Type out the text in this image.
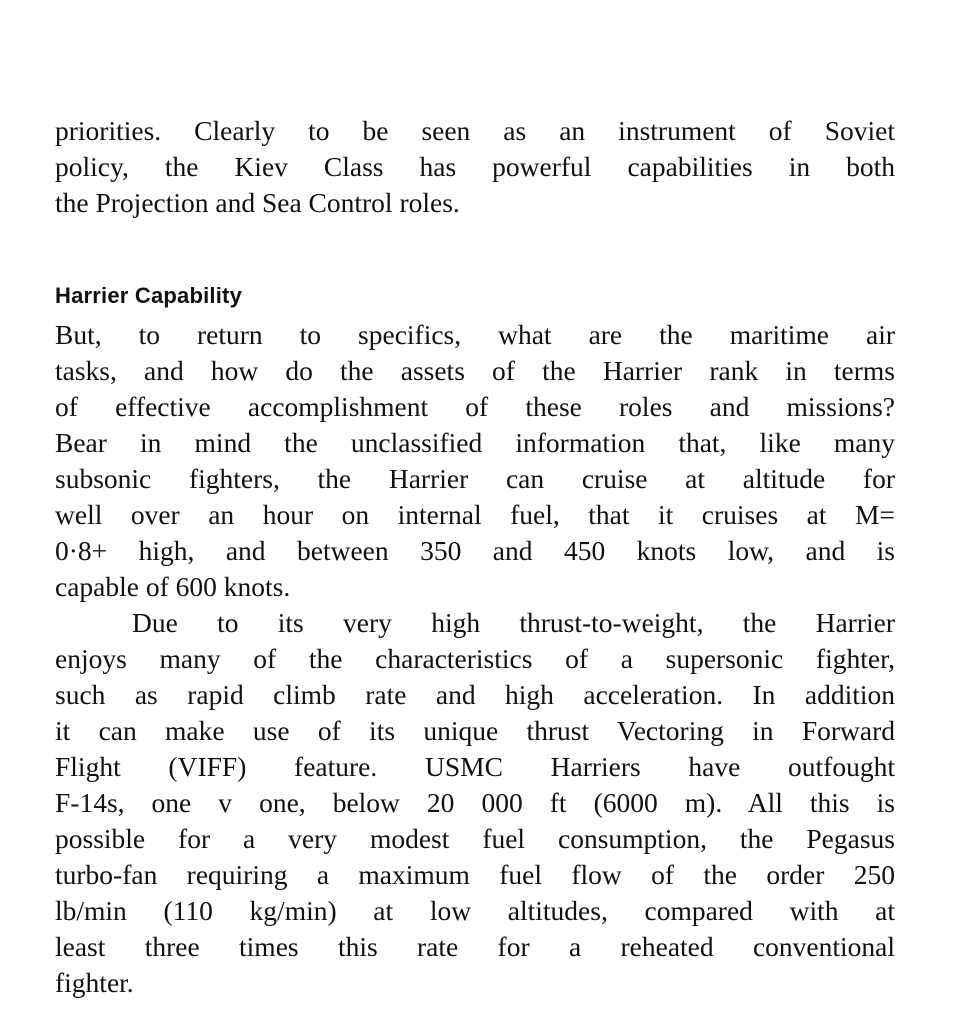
priorities. Clearly to be seen as an instrument of Soviet
policy, the Kiev Class has powerful capabilities in both
the Projection and Sea Control roles.

Harrier Capability

But, to return to specifics, what are the maritime air
tasks, and how do the assets of the Harrier rank in terms
of effective accomplishment of these roles and missions?
Bear in mind the unclassified information that, like many
subsonic fighters, the Harrier can cruise at altitude for
well over an hour on internal fuel, that it cruises at M=
0·8+ high, and between 350 and 450 knots low, and is
capable of 600 knots.

Due to its very high thrust-to-weight, the Harrier
enjoys many of the characteristics of a supersonic fighter,
such as rapid climb rate and high acceleration. In addition
it can make use of its unique thrust Vectoring in Forward
Flight (VIFF) feature. USMC Harriers have outfought
F-14s, one v one, below 20 000 ft (6000 m). All this is
possible for a very modest fuel consumption, the Pegasus
turbo-fan requiring a maximum fuel flow of the order 250
lb/min (110 kg/min) at low altitudes, compared with at
least three times this rate for a reheated conventional
fighter.
